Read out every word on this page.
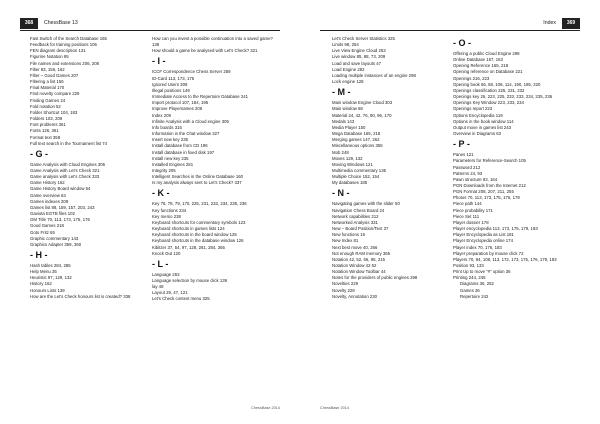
368	ChessBase 13
Fast Switch of the Search Database 165
Feedback for training positions 106
FEN diagram description 131
Figurine Notation 95
File names and extensions 206, 208
Filter 83, 156, 162
Filter – Good Games 207
Filtering a list 156
Final Material 170
Find novelty compare 229
Finding Games 24
Fold notation 52
Folder Shortcut 104, 183
Folders 103, 209
Font problems 361
Fonts 126, 361
Format text 358
Full text search in the Tournament list 74
- G -
Game Analysis with Cloud Engines 306
Game Analysis with Let's Check 321
Game analysis with Let's Check 333
Game History 162
Game History Board window 54
Game overview 63
Games indexes 209
Games list 88, 159, 157, 203, 243
Gaviota EGTB files 102
GM Title 70, 113, 173, 175, 176
Good Games 218
Goto Fritz 65
Graphic commentary 143
Graphics Adapter 359, 360
- H -
Hash tables 284, 285
Help Menu 35
Heuristic 97, 129, 132
History 162
Honours Lists 139
How are the Let's Check honours list is created? 338
How can you invest a possible continuation into a saved game? 138
How should a game be analysed with Let's Check? 321
- I -
ICCF Correspondence Chess Server 259
ID-Card 113, 173, 175
Ignored Users 309
Illegal positions 149
Immediate Access to the Repertoire Database 241
Import protocol 107, 184, 195
Improve Playernames 206
Index 209
Infinite Analysis with a Cloud engine 305
Info boards 315
Information in the Chat window 327
Insert new key 235
Install database from CD 196
Install database in fixed disk 197
Install new key 235
Installed Engines 281
Integrity 205
Intelligent Searches in the Online Database 160
Is my analysis always sent to Let's Check? 337
- K -
Key 78, 78, 79, 170, 225, 231, 233, 234, 235, 236
Key functions 234
Key memo 238
Keyboard shortcuts for commentary symbols 123
Keyboard shortcuts in games lists 124
Keyboard shortcuts in the board window 125
Keyboard shortcuts in the database window 126
Kibitzer 37, 54, 97, 128, 281, 284, 365
Knock Out 120
- L -
Language 253
Language selection by mouse click 139
lay 48
Layout 29, 47, 121
Let's Check context menu 325
ChessBase 2014
Index	369
Let's Check Server Statistics 325
Limits 98, 254
Live View Engine Cloud 253
Live window 85, 88, 73, 209
Load and save layouts 47
Load Engine 282
Loading multiple instances of an engine 298
Lock engine 128
- M -
Main window Engine Cloud 303
Main window 68
Material 24, 42, 76, 90, 96, 170
Medals 143
Media Player 150
Mega Database 165, 218
Merging games 147, 262
Miscellaneous options 355
Mob 248
Moves 129, 132
Moving Windows 121
Multimedia commentary 135
Multiple Choice 152, 154
My databases 185
- N -
Navigating games with the slider 50
Navigation Chess Board 24
Network capabilities 212
Networked Analysis 331
New – Board Position/Text 37
New functions 16
New Index 81
Next best move 40, 266
Not enough RAM memory 365
Notation 42, 52, 66, 95, 215
Notation Window 42 52
Notation Window Toolbar 44
Notes for the providers of public engines 298
Novelties 229
Novelty 229
Novelty, Annotation 230
- O -
Offering a public Cloud Engine 298
Online Database 157, 163
Opening Reference 165, 218
Opening reference on Database 221
Openings 216, 223
Opening book 56, 58, 108, 114, 190, 195, 220
Openings classification 225, 231, 232
Openings key 26, 223, 225, 233, 233, 234, 235, 236
Openings Key Window 223, 233, 234
Openings report 223
Options Encyclopedia 119
Options in the book window 114
Output move in games list 243
Overview in Diagrams 63
- P -
Panes 121
Parameters for Reference-Search 105
Password 212
Patterns 24, 93
Pawn structure 93, 164
PGN Downloads from the Internet 212
PGN Format 208, 207, 211, 255
Photos 70, 113, 173, 175, 176, 179
Piece path 144
Piece probability 171
Piece Set 111
Player dossier 178
Player encyclopedia 113, 173, 175, 179, 183
Player Encyclopedia as List 181
Player Encyclopedia online 174
Player index 70, 176, 183
Player preparation by mouse click 72
Players 70, 94, 108, 113, 172, 173, 175, 176, 179, 183
Position 93, 133
Print Up to move "#" option 36
Printing 244, 245
Diagrams 36, 252
Games 36
Repertoire 242
ChessBase 2014
